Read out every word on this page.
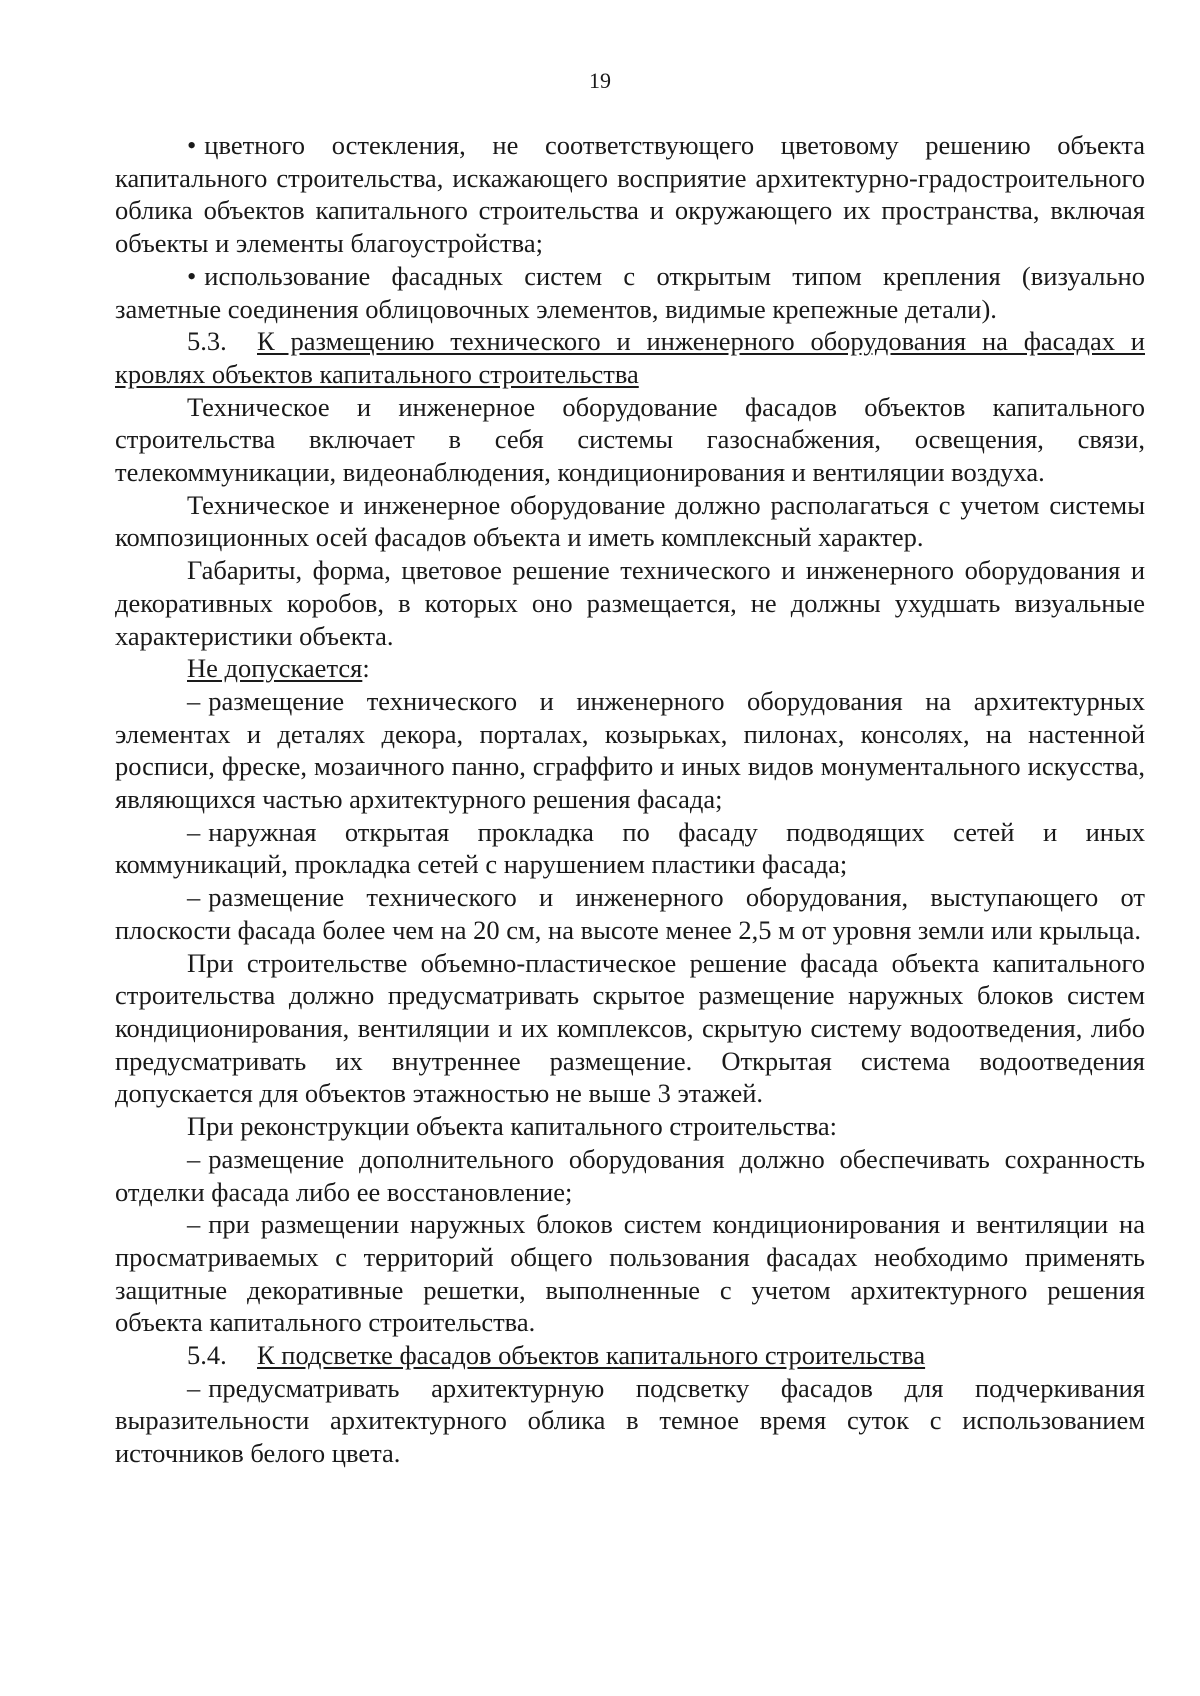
19

• цветного остекления, не соответствующего цветовому решению объекта капитального строительства, искажающего восприятие архитектурно-градостроительного облика объектов капитального строительства и окружающего их пространства, включая объекты и элементы благоустройства;

• использование фасадных систем с открытым типом крепления (визуально заметные соединения облицовочных элементов, видимые крепежные детали).

5.3. К размещению технического и инженерного оборудования на фасадах и кровлях объектов капитального строительства

Техническое и инженерное оборудование фасадов объектов капитального строительства включает в себя системы газоснабжения, освещения, связи, телекоммуникации, видеонаблюдения, кондиционирования и вентиляции воздуха.

Техническое и инженерное оборудование должно располагаться с учетом системы композиционных осей фасадов объекта и иметь комплексный характер.

Габариты, форма, цветовое решение технического и инженерного оборудования и декоративных коробов, в которых оно размещается, не должны ухудшать визуальные характеристики объекта.

Не допускается:

– размещение технического и инженерного оборудования на архитектурных элементах и деталях декора, порталах, козырьках, пилонах, консолях, на настенной росписи, фреске, мозаичного панно, сграффито и иных видов монументального искусства, являющихся частью архитектурного решения фасада;

– наружная открытая прокладка по фасаду подводящих сетей и иных коммуникаций, прокладка сетей с нарушением пластики фасада;

– размещение технического и инженерного оборудования, выступающего от плоскости фасада более чем на 20 см, на высоте менее 2,5 м от уровня земли или крыльца.

При строительстве объемно-пластическое решение фасада объекта капитального строительства должно предусматривать скрытое размещение наружных блоков систем кондиционирования, вентиляции и их комплексов, скрытую систему водоотведения, либо предусматривать их внутреннее размещение. Открытая система водоотведения допускается для объектов этажностью не выше 3 этажей.

При реконструкции объекта капитального строительства:

– размещение дополнительного оборудования должно обеспечивать сохранность отделки фасада либо ее восстановление;

– при размещении наружных блоков систем кондиционирования и вентиляции на просматриваемых с территорий общего пользования фасадах необходимо применять защитные декоративные решетки, выполненные с учетом архитектурного решения объекта капитального строительства.

5.4. К подсветке фасадов объектов капитального строительства

– предусматривать архитектурную подсветку фасадов для подчеркивания выразительности архитектурного облика в темное время суток с использованием источников белого цвета.
